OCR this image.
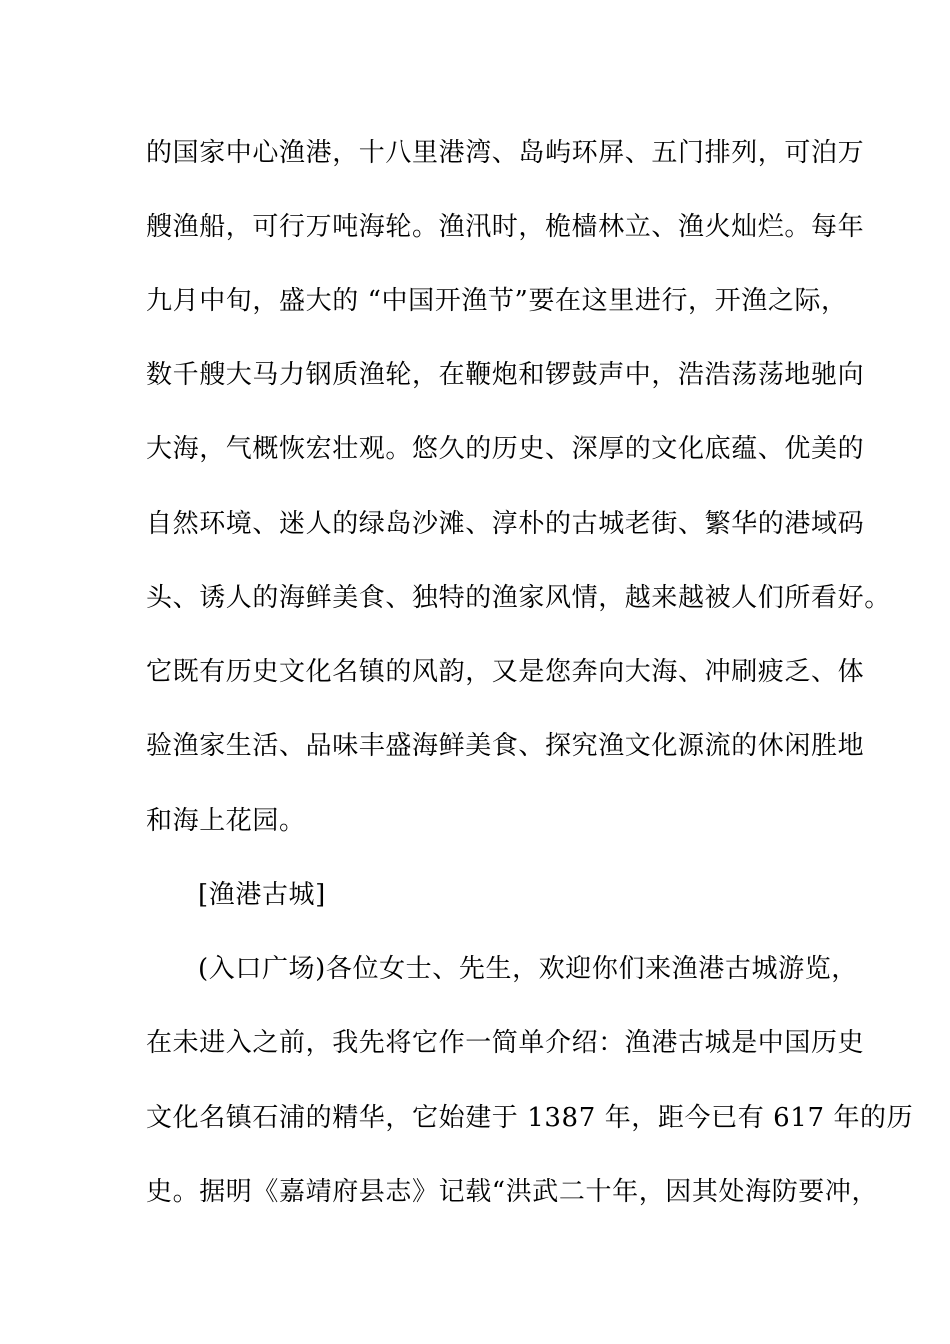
的国家中心渔港，十八里港湾、岛屿环屏、五门排列，可泊万
艘渔船，可行万吨海轮。渔汛时，桅樯林立、渔火灿烂。每年
九月中旬，盛大的 “中国开渔节”要在这里进行，开渔之际，
数千艘大马力钢质渔轮，在鞭炮和锣鼓声中，浩浩荡荡地驰向
大海，气概恢宏壮观。悠久的历史、深厚的文化底蕴、优美的
自然环境、迷人的绿岛沙滩、淳朴的古城老街、繁华的港域码
头、诱人的海鲜美食、独特的渔家风情，越来越被人们所看好。
它既有历史文化名镇的风韵，又是您奔向大海、冲刷疲乏、体
验渔家生活、品味丰盛海鲜美食、探究渔文化源流的休闲胜地
和海上花园。
[渔港古城]
(入口广场)各位女士、先生，欢迎你们来渔港古城游览，
在未进入之前，我先将它作一简单介绍：渔港古城是中国历史
文化名镇石浦的精华，它始建于 1387 年，距今已有 617 年的历
史。据明《嘉靖府县志》记载“洪武二十年，因其处海防要冲，
